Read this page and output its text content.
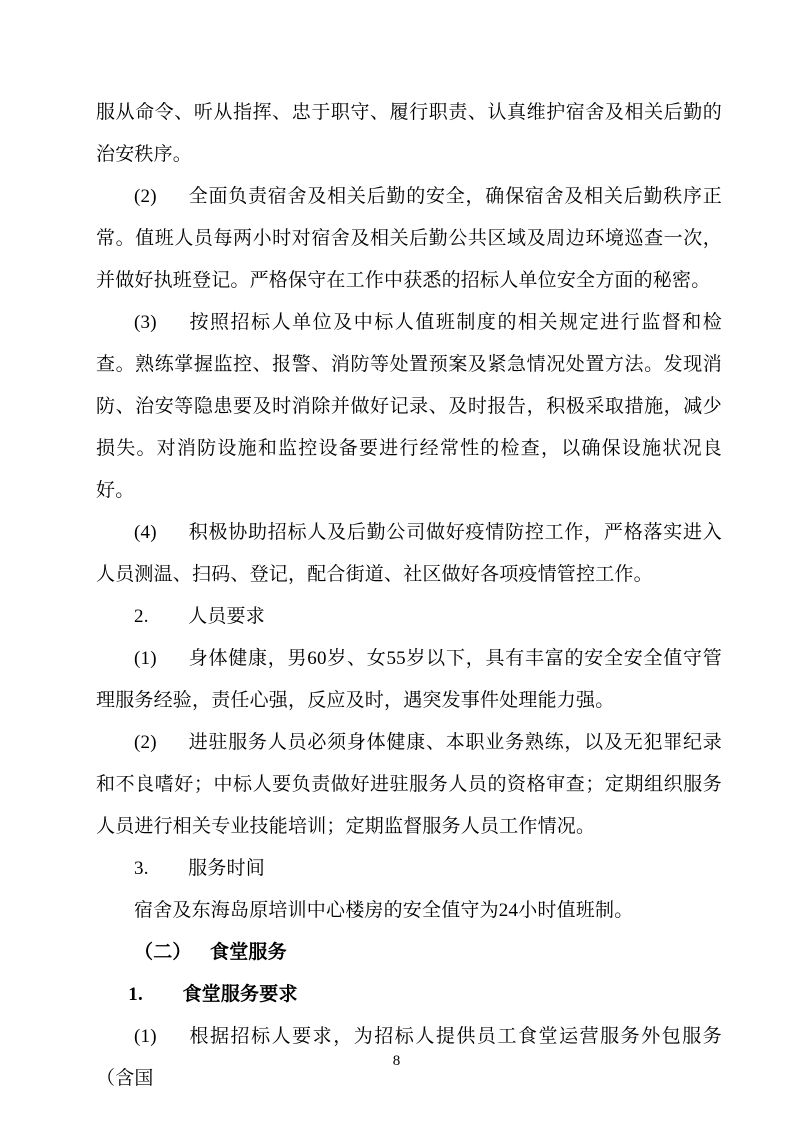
服从命令、听从指挥、忠于职守、履行职责、认真维护宿舍及相关后勤的治安秩序。

(2) 全面负责宿舍及相关后勤的安全，确保宿舍及相关后勤秩序正常。值班人员每两小时对宿舍及相关后勤公共区域及周边环境巡查一次，并做好执班登记。严格保守在工作中获悉的招标人单位安全方面的秘密。

(3) 按照招标人单位及中标人值班制度的相关规定进行监督和检查。熟练掌握监控、报警、消防等处置预案及紧急情况处置方法。发现消防、治安等隐患要及时消除并做好记录、及时报告，积极采取措施，减少损失。对消防设施和监控设备要进行经常性的检查，以确保设施状况良好。

(4) 积极协助招标人及后勤公司做好疫情防控工作，严格落实进入人员测温、扫码、登记，配合街道、社区做好各项疫情管控工作。

2. 人员要求

(1) 身体健康，男60岁、女55岁以下，具有丰富的安全安全值守管理服务经验，责任心强，反应及时，遇突发事件处理能力强。

(2) 进驻服务人员必须身体健康、本职业务熟练，以及无犯罪纪录和不良嗜好；中标人要负责做好进驻服务人员的资格审查；定期组织服务人员进行相关专业技能培训；定期监督服务人员工作情况。

3. 服务时间

宿舍及东海岛原培训中心楼房的安全值守为24小时值班制。

（二） 食堂服务

1. 食堂服务要求

(1) 根据招标人要求，为招标人提供员工食堂运营服务外包服务（含国

8
